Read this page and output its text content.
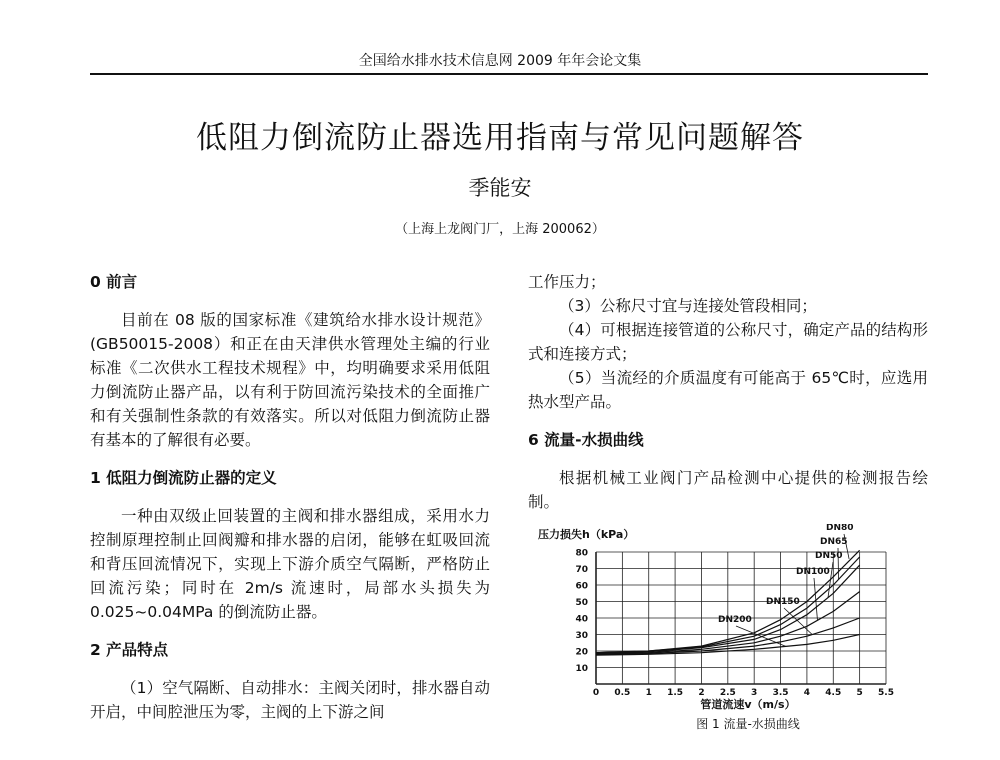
全国给水排水技术信息网 2009 年年会论文集
低阻力倒流防止器选用指南与常见问题解答
季能安
（上海上龙阀门厂，上海 200062）
0 前言

目前在 08 版的国家标准《建筑给水排水设计规范》(GB50015-2008）和正在由天津供水管理处主编的行业标准《二次供水工程技术规程》中，均明确要求采用低阻力倒流防止器产品，以有利于防回流污染技术的全面推广和有关强制性条款的有效落实。所以对低阻力倒流防止器有基本的了解很有必要。

1 低阻力倒流防止器的定义

一种由双级止回装置的主阀和排水器组成，采用水力控制原理控制止回阀瓣和排水器的启闭，能够在虹吸回流和背压回流情况下，实现上下游介质空气隔断，严格防止回流污染；同时在 2m/s 流速时，局部水头损失为 0.025~0.04MPa 的倒流防止器。

2 产品特点

（1）空气隔断、自动排水：主阀关闭时，排水器自动开启，中间腔泄压为零，主阀的上下游之间

工作压力；

（3）公称尺寸宜与连接处管段相同；

（4）可根据连接管道的公称尺寸，确定产品的结构形式和连接方式；

（5）当流经的介质温度有可能高于 65℃时，应选用热水型产品。

6 流量-水损曲线

根据机械工业阀门产品检测中心提供的检测报告绘制。

压力损失h（kPa）
10
20
30
40
50
60
70
80
0 0.5 1 1.5 2 2.5 3 3.5 4 4.5 5 5.5
DN80
DN65
DN50
DN100
DN150
DN200
管道流速v（m/s）
图 1 流量-水损曲线
